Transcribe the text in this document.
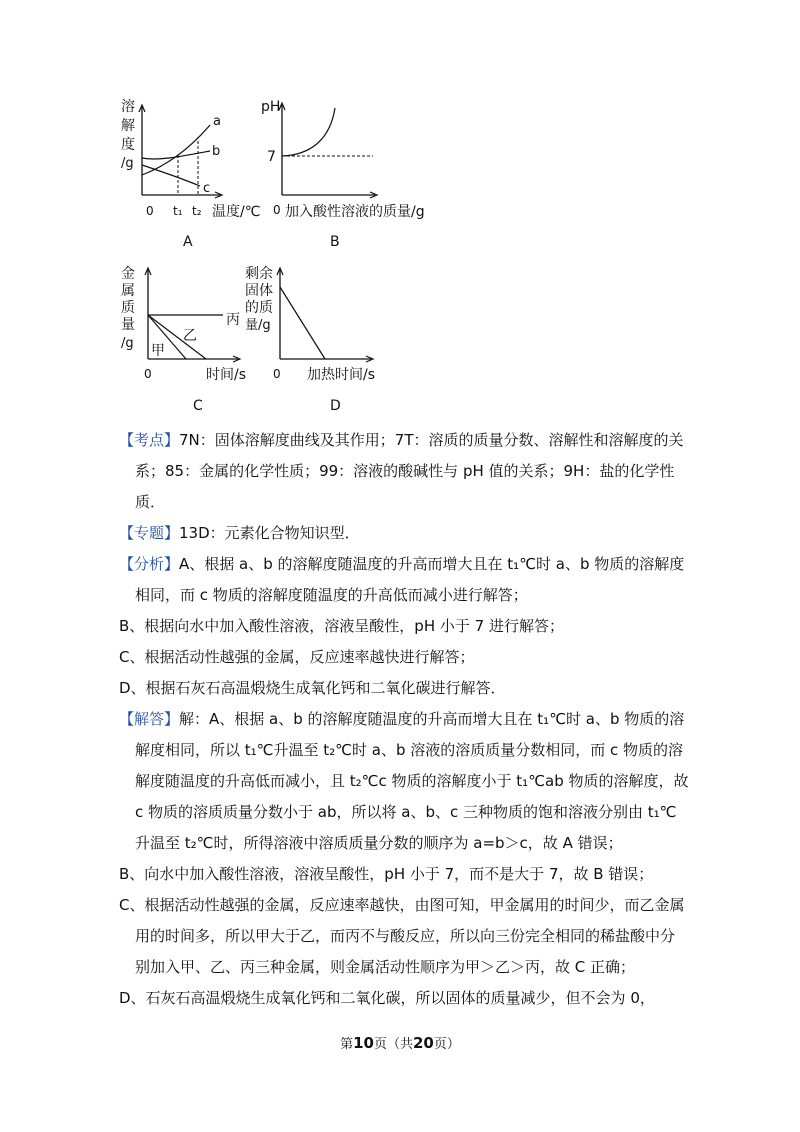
溶
解
度
/g
a
b
c
0 t₁ t₂ 温度/℃
A
pH
7
0 加入酸性溶液的质量/g
B
金
属
质
量
/g
丙
乙
甲
0	时间/s
C
剩余
固体
的质
量/g
0 加热时间/s
D

【考点】7N：固体溶解度曲线及其作用；7T：溶质的质量分数、溶解性和溶解度的关系；85：金属的化学性质；99：溶液的酸碱性与 pH 值的关系；9H：盐的化学性质．

【专题】13D：元素化合物知识型．

【分析】A、根据 a、b 的溶解度随温度的升高而增大且在 t₁℃时 a、b 物质的溶解度相同，而 c 物质的溶解度随温度的升高低而减小进行解答；

B、根据向水中加入酸性溶液，溶液呈酸性，pH 小于 7 进行解答；

C、根据活动性越强的金属，反应速率越快进行解答；

D、根据石灰石高温煅烧生成氧化钙和二氧化碳进行解答．

【解答】解：A、根据 a、b 的溶解度随温度的升高而增大且在 t₁℃时 a、b 物质的溶解度相同，所以 t₁℃升温至 t₂℃时 a、b 溶液的溶质质量分数相同，而 c 物质的溶解度随温度的升高低而减小，且 t₂℃c 物质的溶解度小于 t₁℃ab 物质的溶解度，故 c 物质的溶质质量分数小于 ab，所以将 a、b、c 三种物质的饱和溶液分别由 t₁℃升温至 t₂℃时，所得溶液中溶质质量分数的顺序为 a=b＞c，故 A 错误；

B、向水中加入酸性溶液，溶液呈酸性，pH 小于 7，而不是大于 7，故 B 错误；

C、根据活动性越强的金属，反应速率越快，由图可知，甲金属用的时间少，而乙金属用的时间多，所以甲大于乙，而丙不与酸反应，所以向三份完全相同的稀盐酸中分别加入甲、乙、丙三种金属，则金属活动性顺序为甲＞乙＞丙，故 C 正确；

D、石灰石高温煅烧生成氧化钙和二氧化碳，所以固体的质量减少，但不会为 0，

第10页（共20页）
